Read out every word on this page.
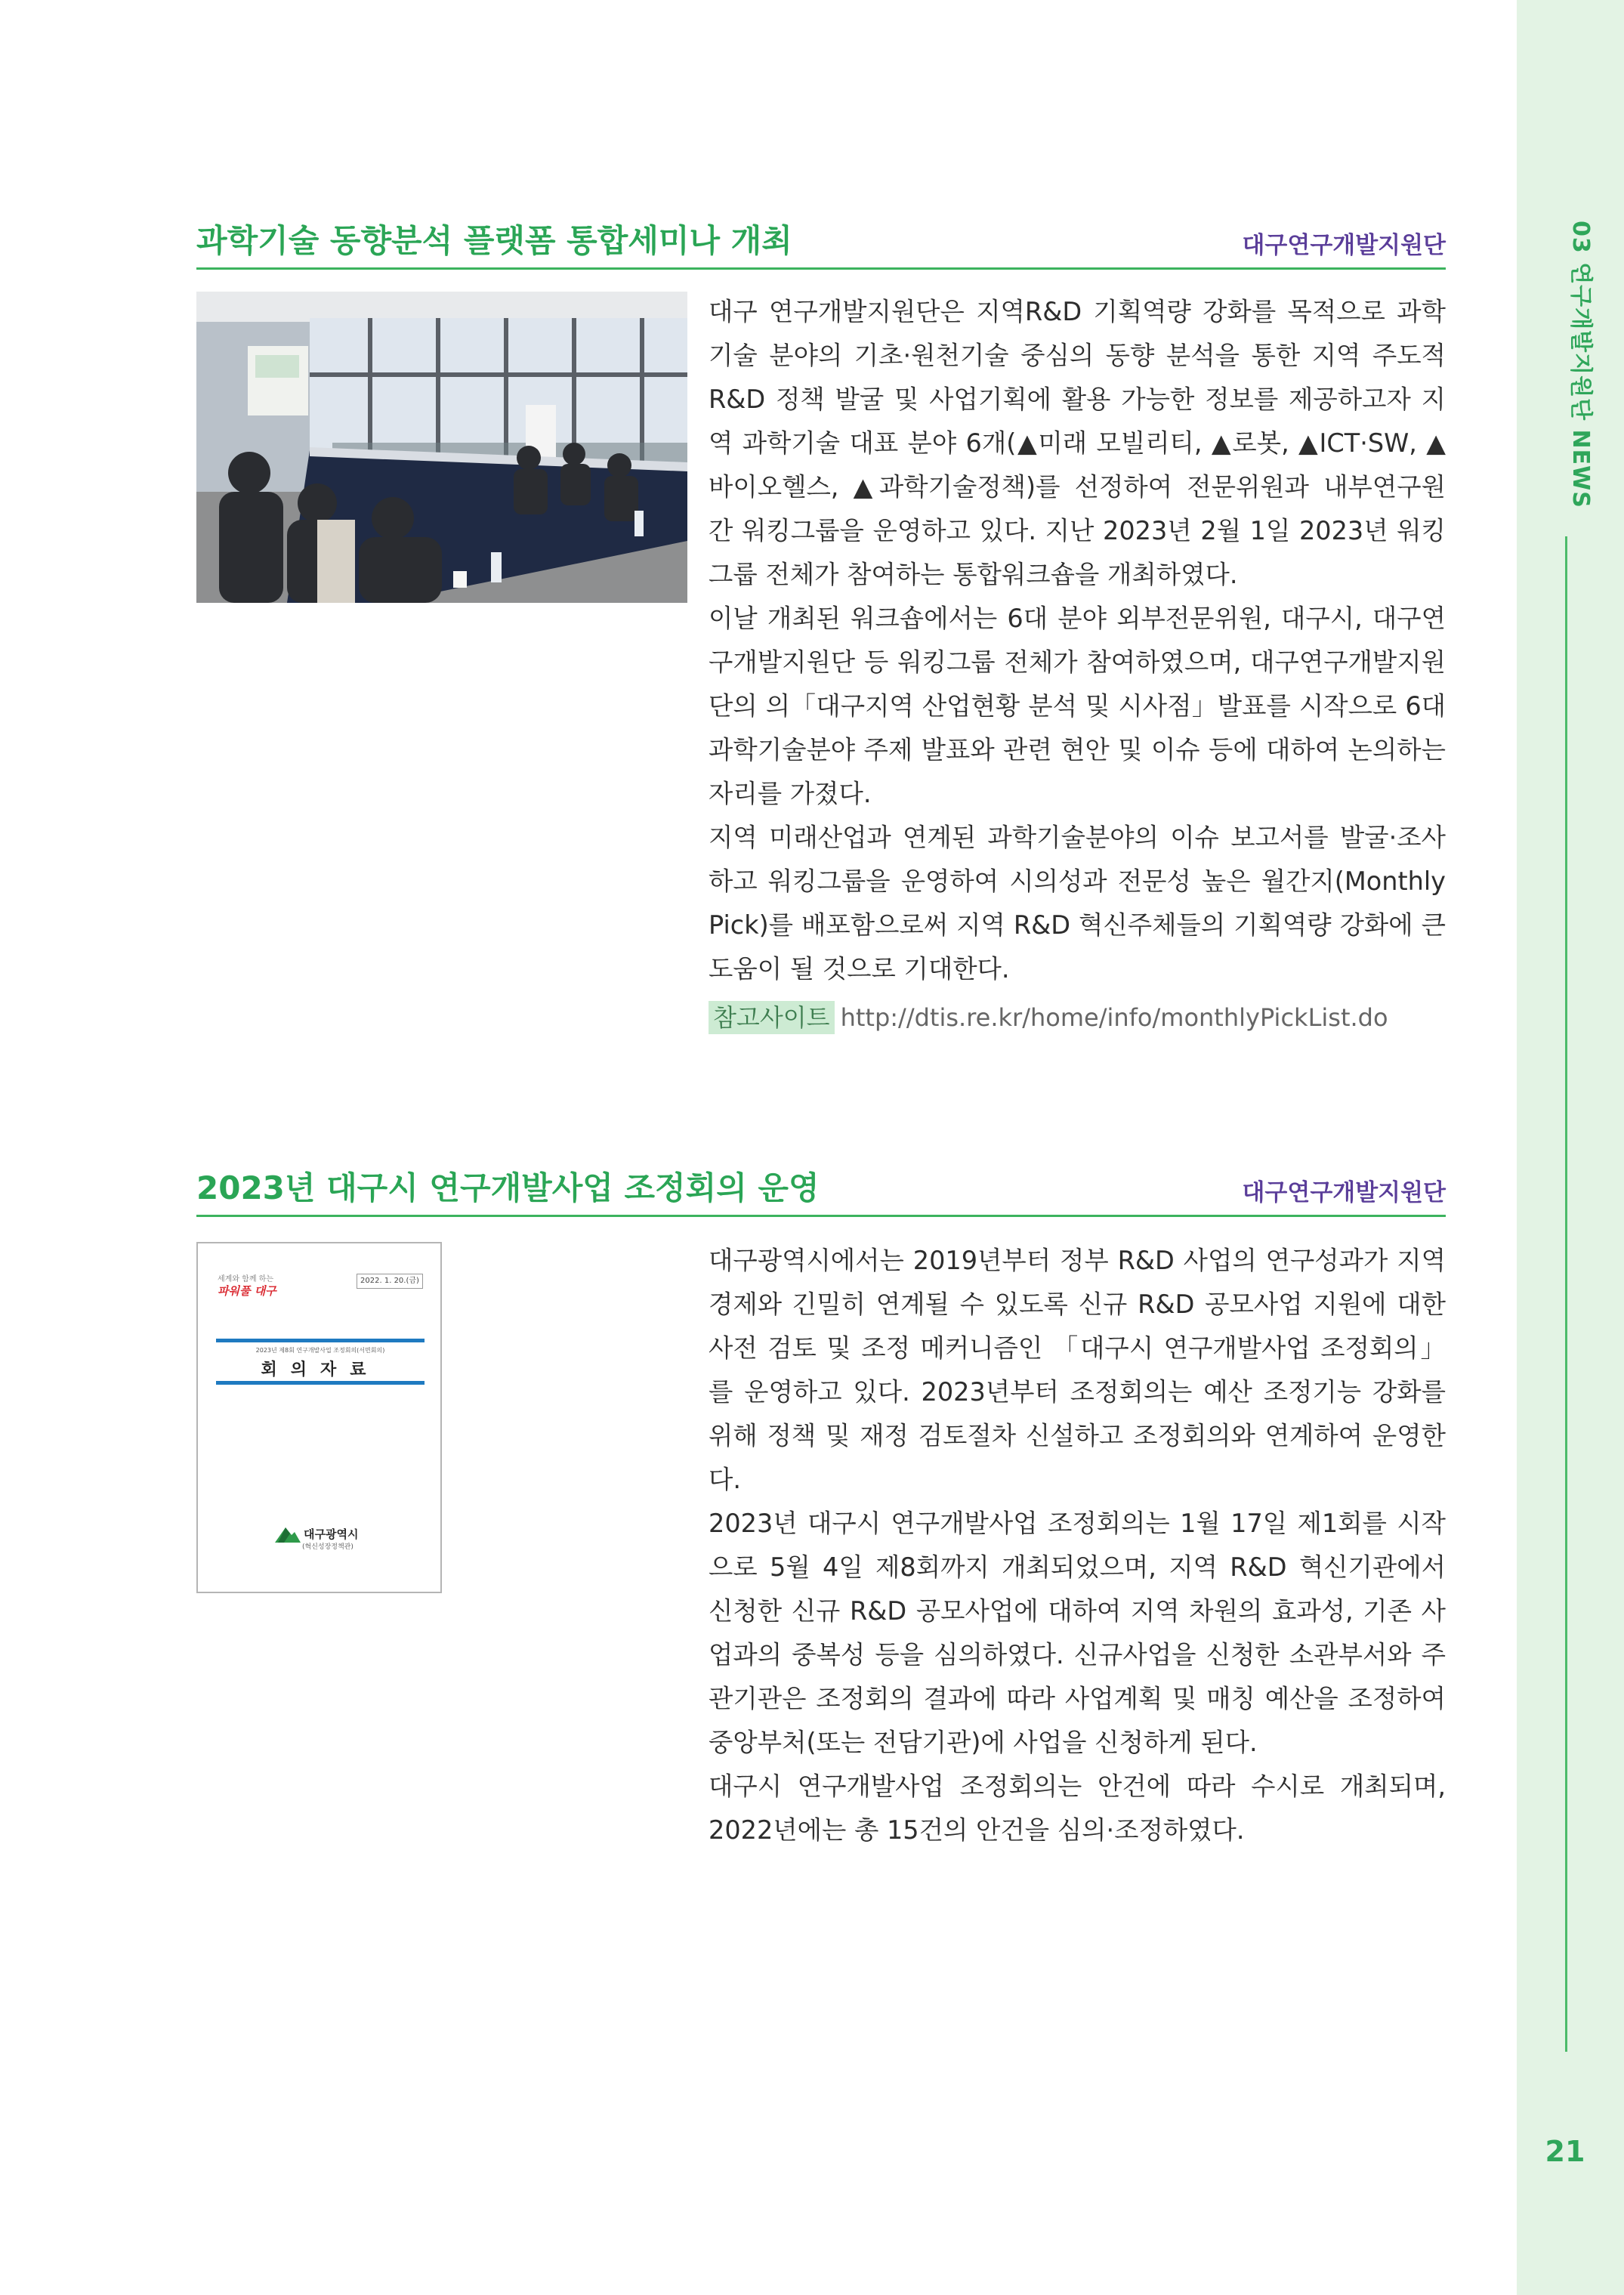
03 연구개발지원단 NEWS
21
과학기술 동향분석 플랫폼 통합세미나 개최	대구연구개발지원단

대구 연구개발지원단은 지역R&D 기획역량 강화를 목적으로 과학기술 분야의 기초·원천기술 중심의 동향 분석을 통한 지역 주도적 R&D 정책 발굴 및 사업기획에 활용 가능한 정보를 제공하고자 지역 과학기술 대표 분야 6개(▲미래 모빌리티, ▲로봇, ▲ICT·SW, ▲바이오헬스, ▲과학기술정책)를 선정하여 전문위원과 내부연구원 간 워킹그룹을 운영하고 있다. 지난 2023년 2월 1일 2023년 워킹그룹 전체가 참여하는 통합워크숍을 개최하였다.

이날 개최된 워크숍에서는 6대 분야 외부전문위원, 대구시, 대구연구개발지원단 등 워킹그룹 전체가 참여하였으며, 대구연구개발지원단의 의「대구지역 산업현황 분석 및 시사점」발표를 시작으로 6대 과학기술분야 주제 발표와 관련 현안 및 이슈 등에 대하여 논의하는 자리를 가졌다.

지역 미래산업과 연계된 과학기술분야의 이슈 보고서를 발굴·조사하고 워킹그룹을 운영하여 시의성과 전문성 높은 월간지(Monthly Pick)를 배포함으로써 지역 R&D 혁신주체들의 기획역량 강화에 큰 도움이 될 것으로 기대한다.

참고사이트 http://dtis.re.kr/home/info/monthlyPickList.do
2023년 대구시 연구개발사업 조정회의 운영	대구연구개발지원단
세계와 함께 하는
파워풀 대구
2022. 1. 20.(금)
2023년 제8회 연구개발사업 조정회의(서면회의)
회의자료
대구광역시
(혁신성장정책관)

대구광역시에서는 2019년부터 정부 R&D 사업의 연구성과가 지역경제와 긴밀히 연계될 수 있도록 신규 R&D 공모사업 지원에 대한 사전 검토 및 조정 메커니즘인 「대구시 연구개발사업 조정회의」를 운영하고 있다. 2023년부터 조정회의는 예산 조정기능 강화를 위해 정책 및 재정 검토절차 신설하고 조정회의와 연계하여 운영한다.

2023년 대구시 연구개발사업 조정회의는 1월 17일 제1회를 시작으로 5월 4일 제8회까지 개최되었으며, 지역 R&D 혁신기관에서 신청한 신규 R&D 공모사업에 대하여 지역 차원의 효과성, 기존 사업과의 중복성 등을 심의하였다. 신규사업을 신청한 소관부서와 주관기관은 조정회의 결과에 따라 사업계획 및 매칭 예산을 조정하여 중앙부처(또는 전담기관)에 사업을 신청하게 된다.

대구시 연구개발사업 조정회의는 안건에 따라 수시로 개최되며, 2022년에는 총 15건의 안건을 심의·조정하였다.
